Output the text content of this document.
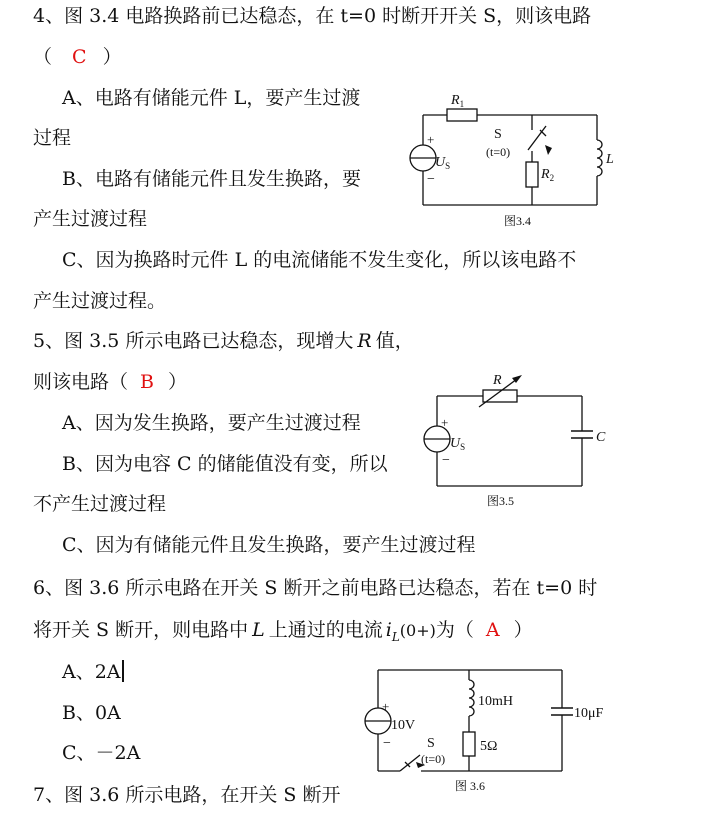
4、图 3.4 电路换路前已达稳态，在 t=0 时断开开关 S，则该电路
（ C ）
A、电路有储能元件 L，要产生过渡
过程
B、电路有储能元件且发生换路，要
产生过渡过程
C、因为换路时元件 L 的电流储能不发生变化，所以该电路不
产生过渡过程。
5、图 3.5 所示电路已达稳态，现增大 R 值，
则该电路（ B ）
A、因为发生换路，要产生过渡过程
B、因为电容 C 的储能值没有变，所以
不产生过渡过程
C、因为有储能元件且发生换路，要产生过渡过程
6、图 3.6 所示电路在开关 S 断开之前电路已达稳态，若在 t=0 时
将开关 S 断开，则电路中 L 上通过的电流 $i_L(0+)$为（ A ）
A、2A
B、0A
C、－2A
7、图 3.6 所示电路，在开关 S 断开
$R_1$
S
(t=0)
$R_2$
+
−
$U_S$	L
图3.4
R
+
−
$U_S$
C
图3.5
+
−
10V
10mH
5Ω
10μF
S
(t=0)
图 3.6
